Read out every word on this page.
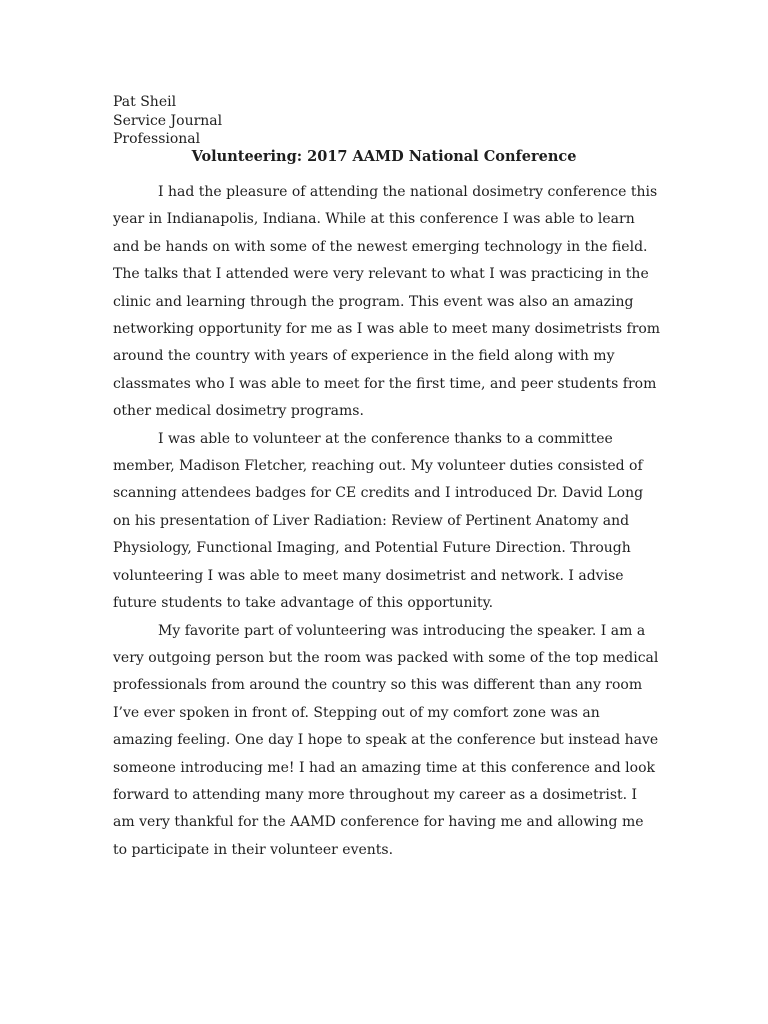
Pat Sheil
Service Journal
Professional
Volunteering: 2017 AAMD National Conference

I had the pleasure of attending the national dosimetry conference this year in Indianapolis, Indiana. While at this conference I was able to learn and be hands on with some of the newest emerging technology in the field. The talks that I attended were very relevant to what I was practicing in the clinic and learning through the program. This event was also an amazing networking opportunity for me as I was able to meet many dosimetrists from around the country with years of experience in the field along with my classmates who I was able to meet for the first time, and peer students from other medical dosimetry programs.

I was able to volunteer at the conference thanks to a committee member, Madison Fletcher, reaching out. My volunteer duties consisted of scanning attendees badges for CE credits and I introduced Dr. David Long on his presentation of Liver Radiation: Review of Pertinent Anatomy and Physiology, Functional Imaging, and Potential Future Direction. Through volunteering I was able to meet many dosimetrist and network. I advise future students to take advantage of this opportunity.

My favorite part of volunteering was introducing the speaker. I am a very outgoing person but the room was packed with some of the top medical professionals from around the country so this was different than any room I’ve ever spoken in front of. Stepping out of my comfort zone was an amazing feeling. One day I hope to speak at the conference but instead have someone introducing me! I had an amazing time at this conference and look forward to attending many more throughout my career as a dosimetrist. I am very thankful for the AAMD conference for having me and allowing me to participate in their volunteer events.
